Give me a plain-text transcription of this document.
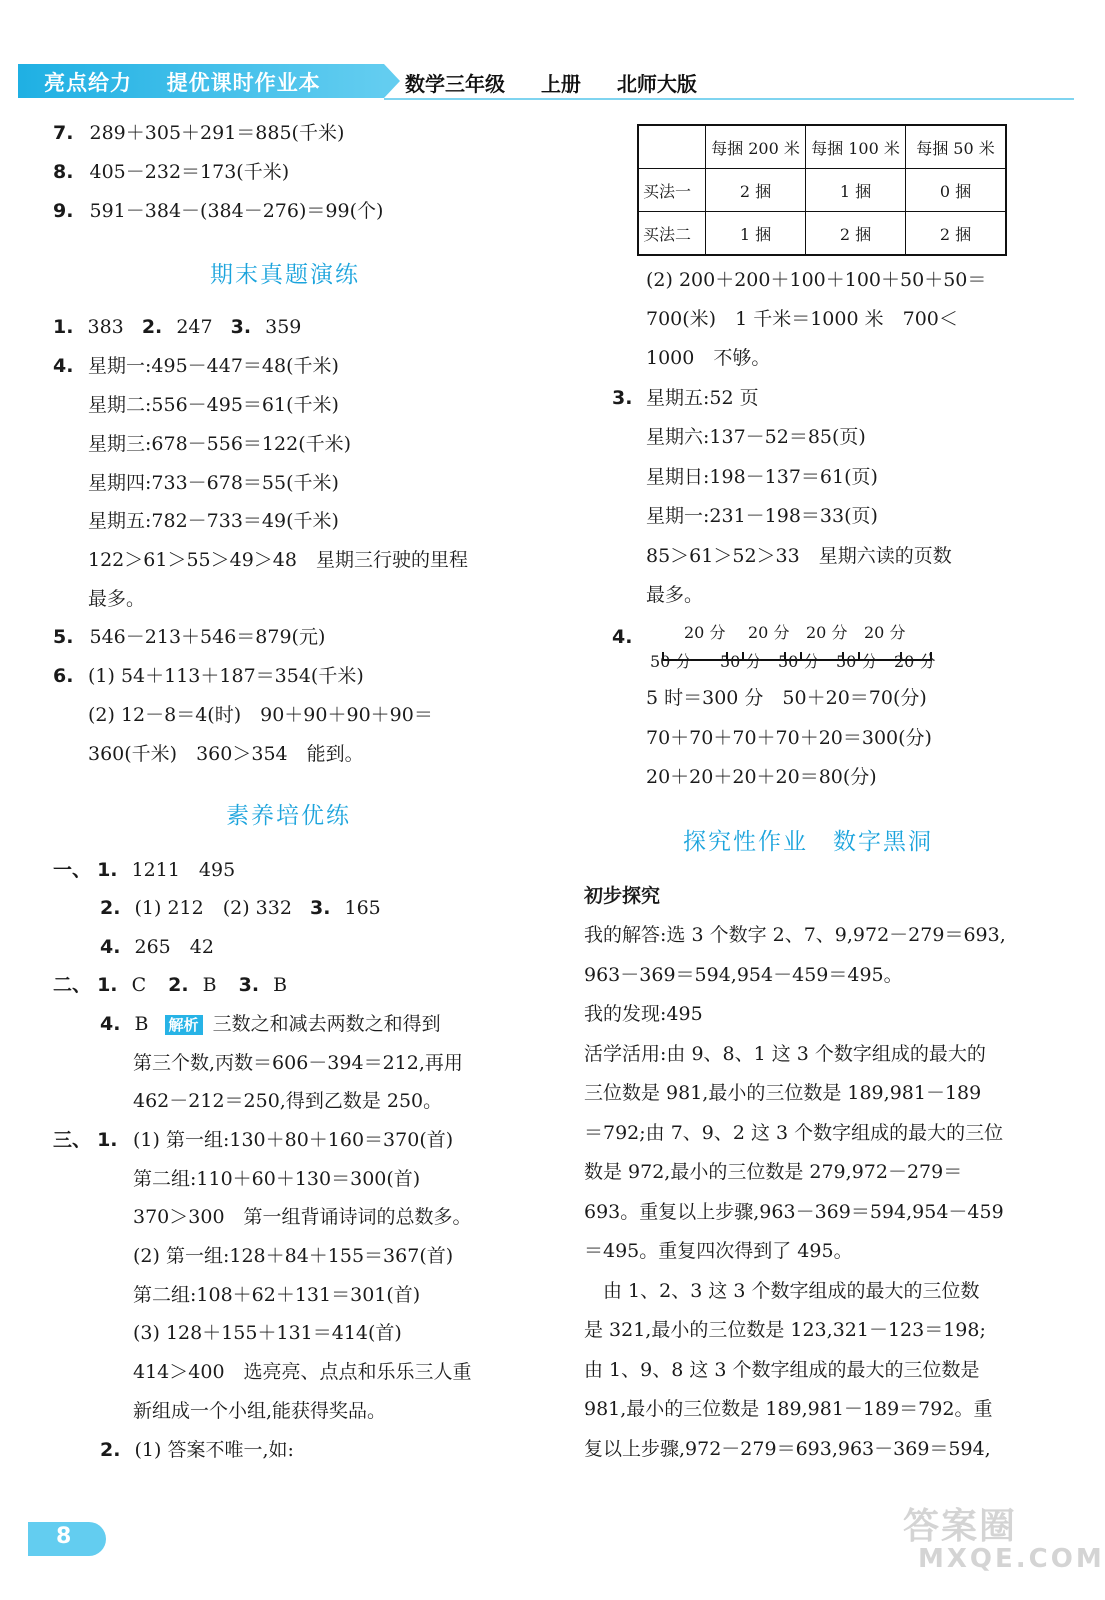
亮点给力 提优课时作业本	数学三年级 上册 北师大版
7. 289＋305＋291＝885(千米)
8. 405－232＝173(千米)
9. 591－384－(384－276)＝99(个)
期末真题演练
1. 383 2. 247 3. 359
4. 星期一:495－447＝48(千米)
星期二:556－495＝61(千米)
星期三:678－556＝122(千米)
星期四:733－678＝55(千米)
星期五:782－733＝49(千米)
122＞61＞55＞49＞48　星期三行驶的里程
最多。
5. 546－213＋546＝879(元)
6. (1) 54＋113＋187＝354(千米)
(2) 12－8＝4(时)　90＋90＋90＋90＝
360(千米)　360＞354　能到。
素养培优练
一、 1. 1211　495
2. (1) 212　(2) 332 3. 165
4. 265　42
二、 1. C 2. B 3. B
4. B 解析 三数之和减去两数之和得到
第三个数,丙数＝606－394＝212,再用
462－212＝250,得到乙数是 250。
三、 1. (1) 第一组:130＋80＋160＝370(首)
第二组:110＋60＋130＝300(首)
370＞300　第一组背诵诗词的总数多。
(2) 第一组:128＋84＋155＝367(首)
第二组:108＋62＋131＝301(首)
(3) 128＋155＋131＝414(首)
414＞400　选亮亮、点点和乐乐三人重
新组成一个小组,能获得奖品。
2. (1) 答案不唯一,如:
	每捆 200 米	每捆 100 米	每捆 50 米
买法一	2 捆	1 捆	0 捆
买法二	1 捆	2 捆	2 捆
(2) 200＋200＋100＋100＋50＋50＝
700(米)　1 千米＝1000 米　700＜
1000　不够。
3. 星期五:52 页
星期六:137－52＝85(页)
星期日:198－137＝61(页)
星期一:231－198＝33(页)
85＞61＞52＞33　星期六读的页数
最多。
4.	20 分 20 分 20 分 20 分
50 分 50 分 50 分 50 分 20 分
5 时＝300 分　50＋20＝70(分)
70＋70＋70＋70＋20＝300(分)
20＋20＋20＋20＝80(分)
探究性作业　数字黑洞
初步探究
我的解答:选 3 个数字 2、7、9,972－279＝693,
963－369＝594,954－459＝495。
我的发现:495
活学活用:由 9、8、1 这 3 个数字组成的最大的
三位数是 981,最小的三位数是 189,981－189
＝792;由 7、9、2 这 3 个数字组成的最大的三位
数是 972,最小的三位数是 279,972－279＝
693。重复以上步骤,963－369＝594,954－459
＝495。重复四次得到了 495。
　由 1、2、3 这 3 个数字组成的最大的三位数
是 321,最小的三位数是 123,321－123＝198;
由 1、9、8 这 3 个数字组成的最大的三位数是
981,最小的三位数是 189,981－189＝792。重
复以上步骤,972－279＝693,963－369＝594,
8	答案圈
MXQE.COM
